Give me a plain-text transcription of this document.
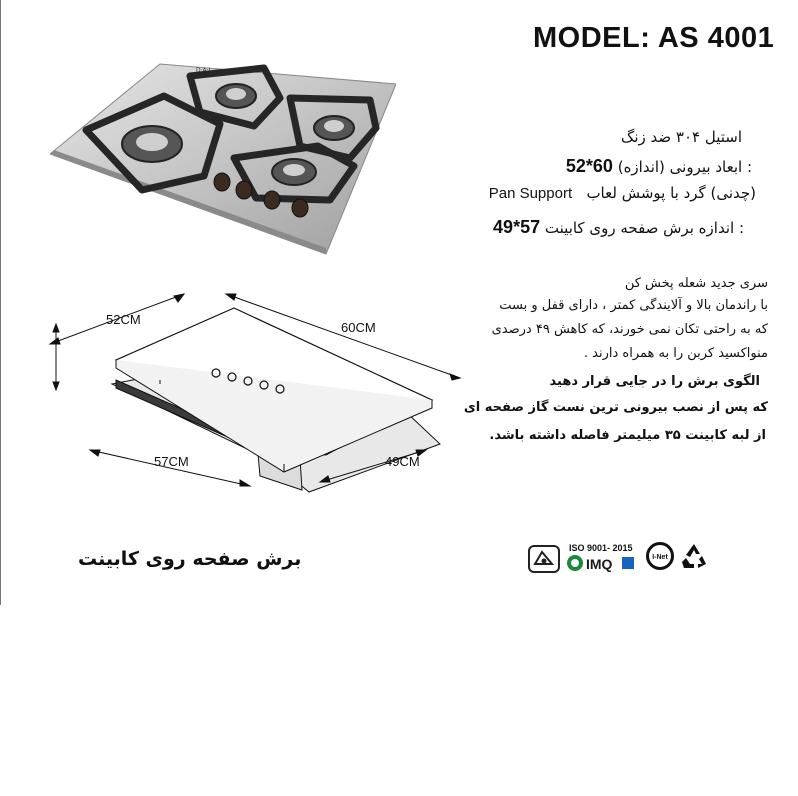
D·A·I
MODEL: AS 4001
استیل ۳۰۴ ضد زنگ
: ابعاد بیرونی (اندازه) 60*52
(چدنی) گرد با پوشش لعاب   Pan Support
: اندازه برش صفحه روی کابینت 57*49
سری جدید شعله پخش کن
با راندمان بالا و آلایندگی کمتر ، دارای قفل و بست
که به راحتی تکان نمی خورند، که کاهش ۴۹ درصدی
منواکسید کربن را به همراه دارند .
الگوی برش را در جایی قرار دهید
که پس از نصب بیرونی ترین نست گاز صفحه ای
از لبه کابینت ۳۵ میلیمتر فاصله داشته باشد.
52CM
60CM
57CM	49CM
برش صفحه روی کابینت	ISO 9001- 2015
IMQ	I-Net
